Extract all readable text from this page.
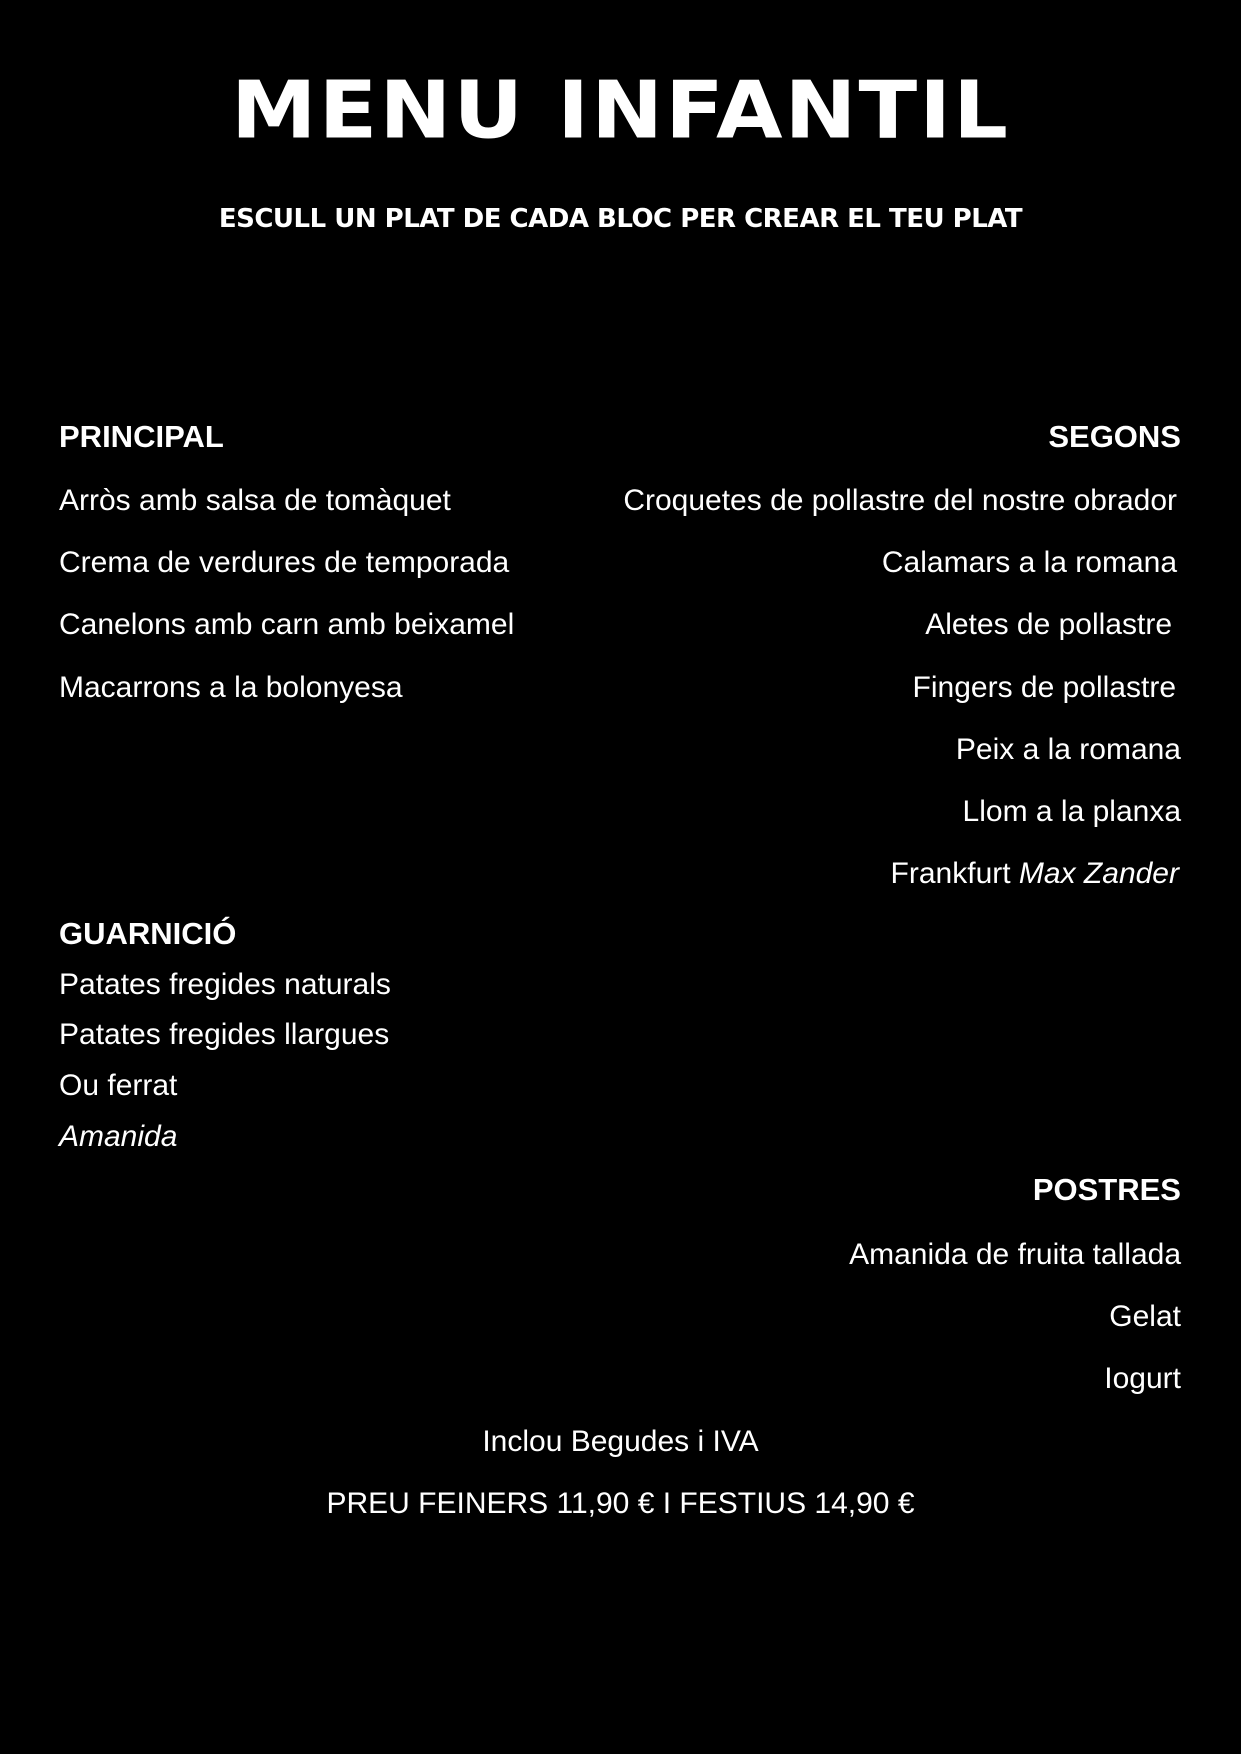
MENU INFANTIL
ESCULL UN PLAT DE CADA BLOC PER CREAR EL TEU PLAT
PRINCIPAL
Arròs amb salsa de tomàquet
Crema de verdures de temporada
Canelons amb carn amb beixamel
Macarrons a la bolonyesa
SEGONS
Croquetes de pollastre del nostre obrador
Calamars a la romana
Aletes de pollastre
Fingers de pollastre
Peix a la romana
Llom a la planxa
Frankfurt Max Zander
GUARNICIÓ
Patates fregides naturals
Patates fregides llargues
Ou ferrat
Amanida
POSTRES
Amanida de fruita tallada
Gelat
Iogurt
Inclou Begudes i IVA
PREU FEINERS 11,90 € I FESTIUS 14,90 €
